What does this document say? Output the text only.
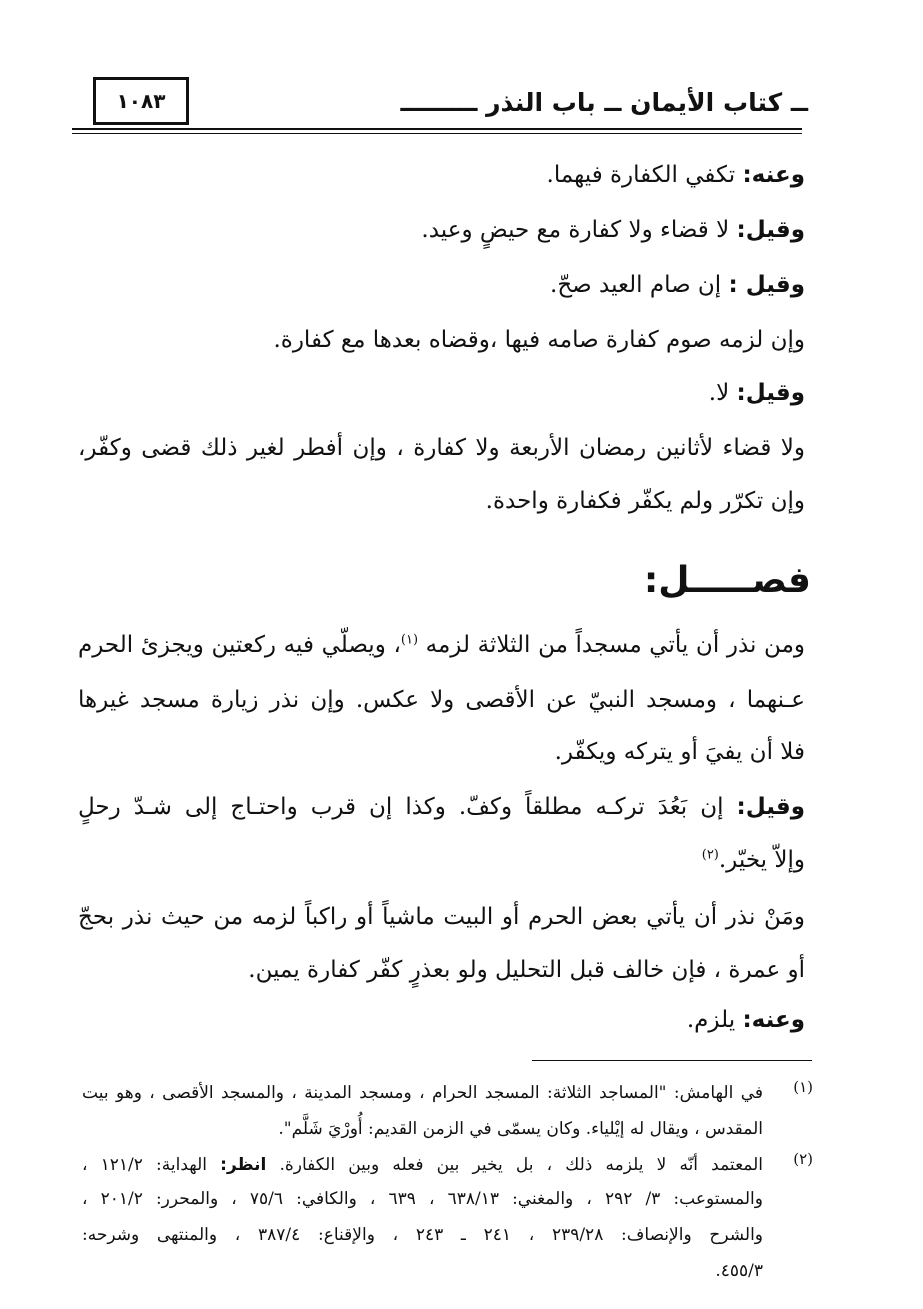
١٠٨٣	ــ كتاب الأيمان ــ باب النذر ـــــــــ
وعنه: تكفي الكفارة فيهما.
وقيل: لا قضاء ولا كفارة مع حيضٍ وعيد.
وقيل : إن صام العيد صحّ.
وإن لزمه صوم كفارة صامه فيها ،وقضاه بعدها مع كفارة.
وقيل: لا.
ولا قضاء لأثانين رمضان الأربعة ولا كفارة ، وإن أفطر لغير ذلك قضى وكفّر،
وإن تكرّر ولم يكفّر فكفارة واحدة.
فصـــــل:
ومن نذر أن يأتي مسجداً من الثلاثة لزمه $^{(١)}$، ويصلّي فيه ركعتين ويجزئ الحرم
عـنهما ، ومسجد النبيّ عن الأقصى ولا عكس. وإن نذر زيارة مسجد غيرها
فلا أن يفيَ أو يتركه ويكفّر.
وقيل: إن بَعُدَ تركـه مطلقاً وكفّ. وكذا إن قرب واحتـاج إلى شـدّ رحلٍ
وإلاّ يخيّر.$^{(٢)}$
ومَنْ نذر أن يأتي بعض الحرم أو البيت ماشياً أو راكباً لزمه من حيث نذر بحجّ
أو عمرة ، فإن خالف قبل التحليل ولو بعذرٍ كفّر كفارة يمين.
وعنه: يلزم.
(١)
في الهامش: "المساجد الثلاثة: المسجد الحرام ، ومسجد المدينة ، والمسجد الأقصى ، وهو بيت
المقدس ، ويقال له إيْلياء. وكان يسمّى في الزمن القديم: أُورْيَ شَلَّم".
(٢)
المعتمد أنّه لا يلزمه ذلك ، بل يخير بين فعله وبين الكفارة. انظر: الهداية: ١٢١/٢ ،
والمستوعب: ٣/ ٢٩٢ ، والمغني: ٦٣٨/١٣ ، ٦٣٩ ، والكافي: ٧٥/٦ ، والمحرر: ٢٠١/٢ ،
والشرح والإنصاف: ٢٣٩/٢٨ ، ٢٤١ ـ ٢٤٣ ، والإقناع: ٣٨٧/٤ ، والمنتهى وشرحه:
٤٥٥/٣.
